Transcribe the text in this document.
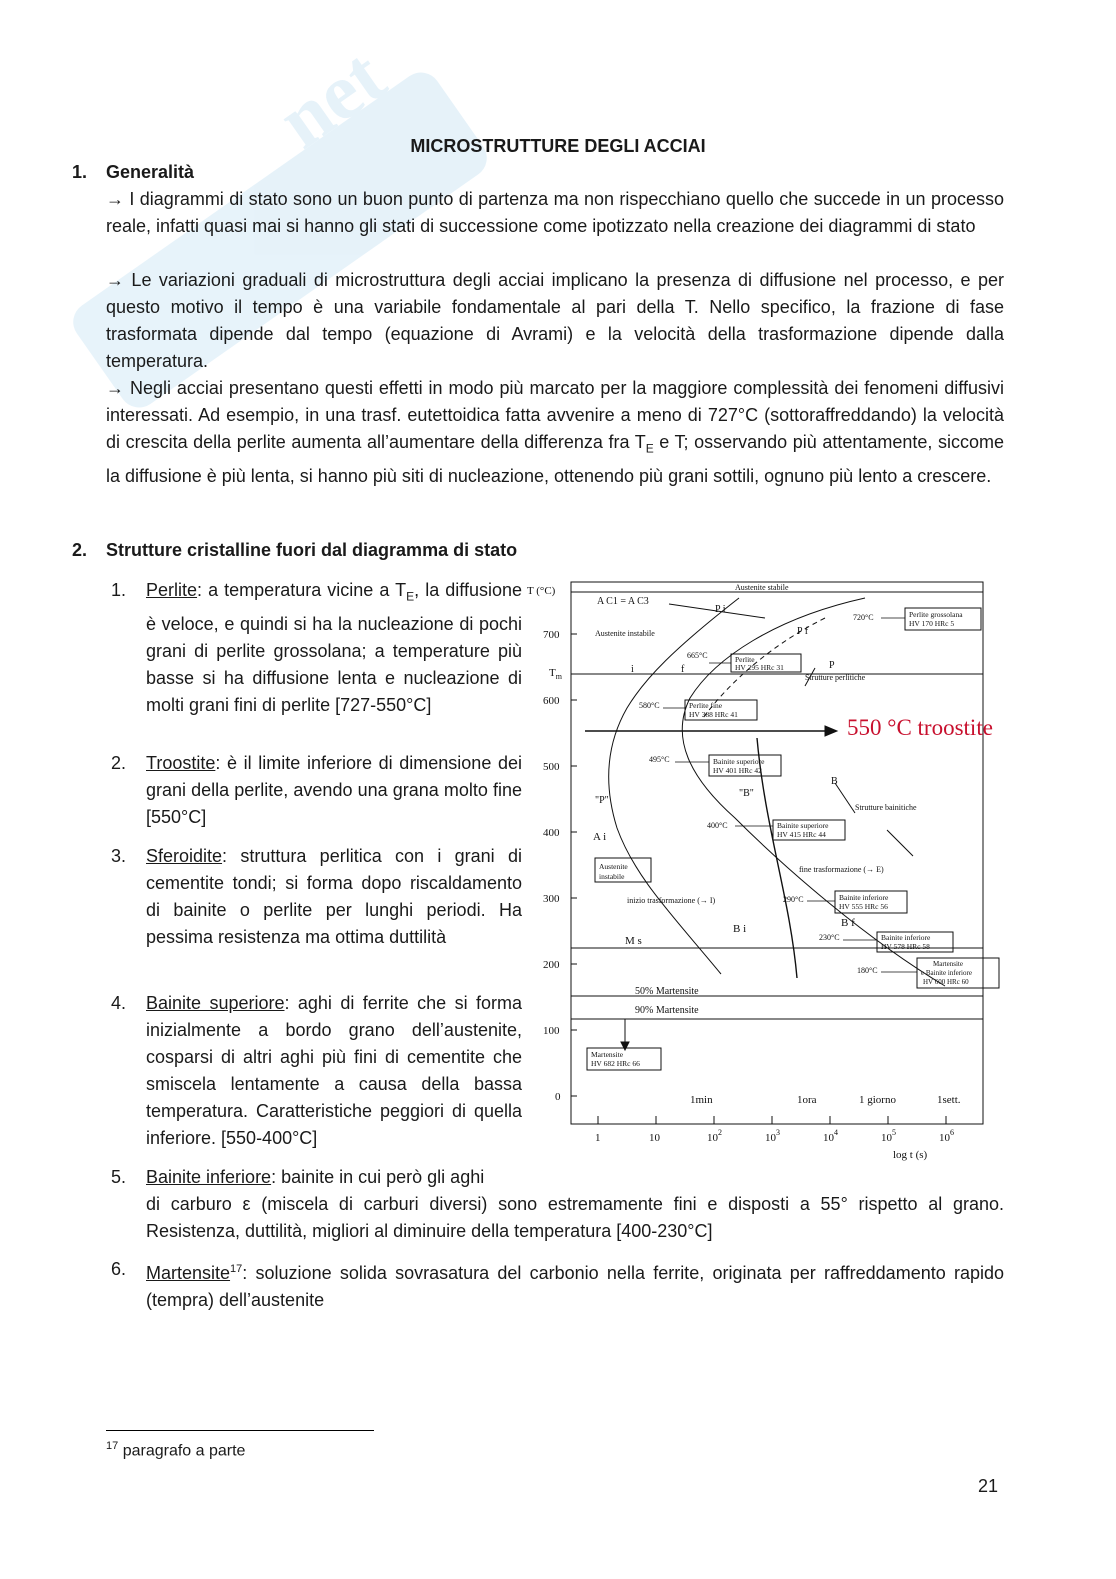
net MICROSTRUTTURE DEGLI ACCIAI
1. Generalità
→ I diagrammi di stato sono un buon punto di partenza ma non rispecchiano quello che succede in un processo reale, infatti quasi mai si hanno gli stati di successione come ipotizzato nella creazione dei diagrammi di stato
→ Le variazioni graduali di microstruttura degli acciai implicano la presenza di diffusione nel processo, e per questo motivo il tempo è una variabile fondamentale al pari della T. Nello specifico, la frazione di fase trasformata dipende dal tempo (equazione di Avrami) e la velocità della trasformazione dipende dalla temperatura.
→ Negli acciai presentano questi effetti in modo più marcato per la maggiore complessità dei fenomeni diffusivi interessati. Ad esempio, in una trasf. eutettoidica fatta avvenire a meno di 727°C (sottoraffreddando) la velocità di crescita della perlite aumenta all’aumentare della differenza fra $T_E$ e T; osservando più attentamente, siccome la diffusione è più lenta, si hanno più siti di nucleazione, ottenendo più grani sottili, ognuno più lento a crescere.
2. Strutture cristalline fuori dal diagramma di stato
1. Perlite: a temperatura vicine a $T_E$, la diffusione è veloce, e quindi si ha la nucleazione di pochi grani di perlite grossolana; a temperature più basse si ha diffusione lenta e nucleazione di molti grani fini di perlite [727-550°C]
2. Troostite: è il limite inferiore di dimensione dei grani della perlite, avendo una grana molto fine [550°C]
3. Sferoidite: struttura perlitica con i grani di cementite tondi; si forma dopo riscaldamento di bainite o perlite per lunghi periodi. Ha pessima resistenza ma ottima duttilità
4. Bainite superiore: aghi di ferrite che si forma inizialmente a bordo grano dell’austenite, cosparsi di altri aghi più fini di cementite che smiscela lentamente a causa della bassa temperatura. Caratteristiche peggiori di quella inferiore. [550-400°C]
5. Bainite inferiore: bainite in cui però gli aghi
di carburo ε (miscela di carburi diversi) sono estremamente fini e disposti a 55° rispetto al grano. Resistenza, duttilità, migliori al diminuire della temperatura [400-230°C]
6. Martensite$^{17}$: soluzione solida sovrasatura del carbonio nella ferrite, originata per raffreddamento rapido (tempra) dell’austenite
T (°C)
log t (s)
700
600
500
400
300
200
100
0
$T_m$
1	10	$10^2$	$10^3$	$10^4$	$10^5$	$10^6$
1min	1ora	1 giorno	1sett.
Austenite stabile
A C1 = A C3
Austenite instabile
P i
P f
P
i	f
Strutture perlitiche
"P"
"B"
B
Strutture bainitiche
A i
Austenite
instabile
fine trasformazione (→ E)
inizio trasformazione (→ I)
B i	B f
M s
50% Martensite
90% Martensite
720°C
665°C
580°C
495°C
400°C
290°C
230°C
180°C
Perlite grossolana
HV 170 HRc 5
Perlite
HV 295 HRc 31
Perlite fine
HV 388 HRc 41
Bainite superiore
HV 401 HRc 42
Bainite superiore
HV 415 HRc 44
Bainite inferiore
HV 555 HRc 56
Bainite inferiore
HV 578 HRc 58
Martensite
e Bainite inferiore
HV 600 HRc 60
Martensite
HV 682 HRc 66
550 °C troostite
$^{17}$ paragrafo a parte
21
